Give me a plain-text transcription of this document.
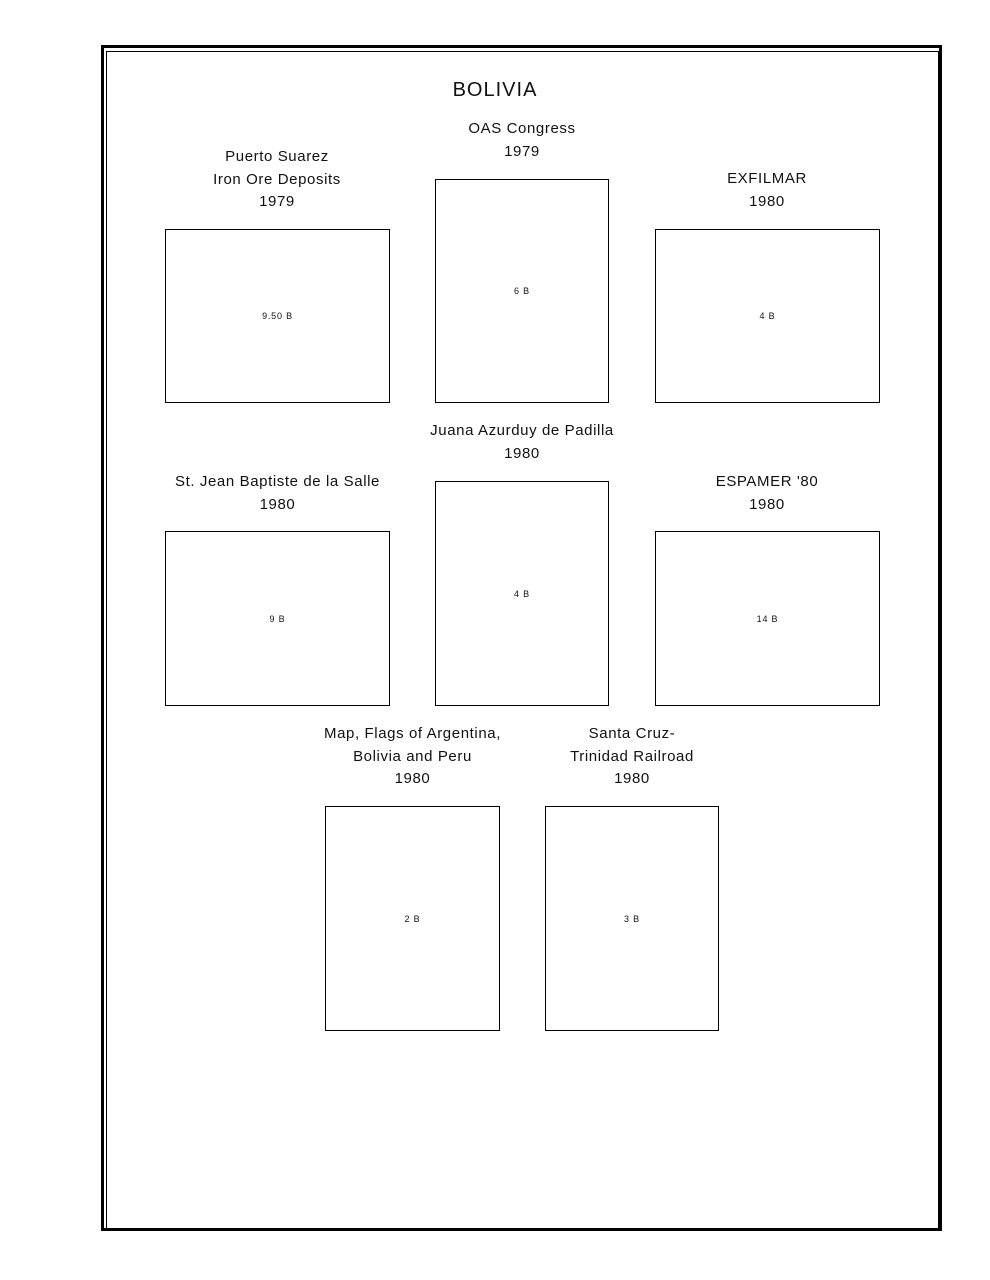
BOLIVIA
Puerto Suarez
Iron Ore Deposits
1979
9.50 B
OAS Congress
1979
6 B
EXFILMAR
1980
4 B
St. Jean Baptiste de la Salle
1980
9 B
Juana Azurduy de Padilla
1980
4 B
ESPAMER '80
1980
14 B
Map, Flags of Argentina,
Bolivia and Peru
1980
2 B
Santa Cruz-
Trinidad Railroad
1980
3 B
